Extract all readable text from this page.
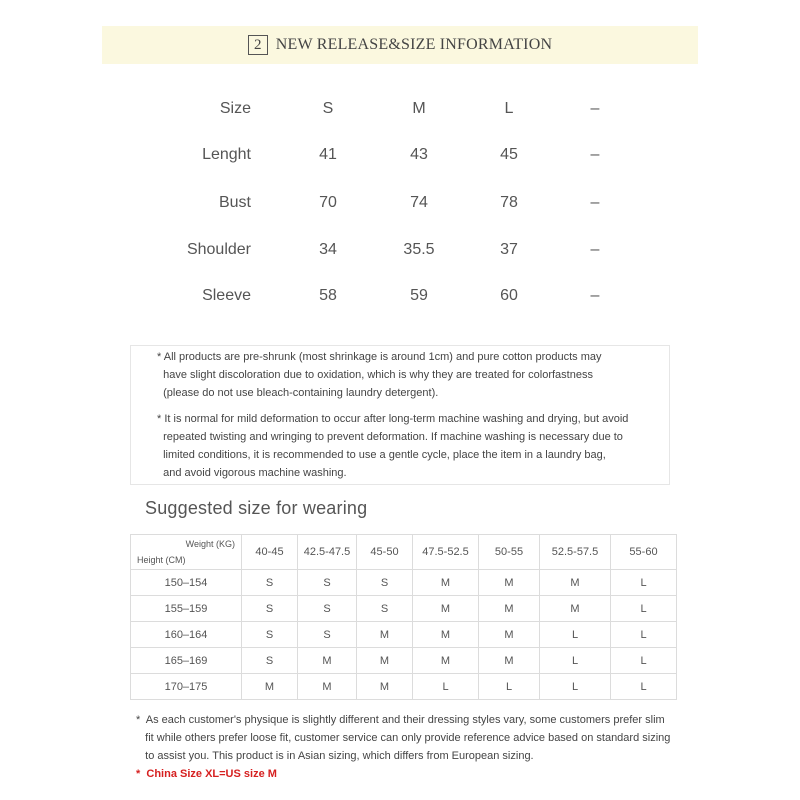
2 NEW RELEASE&SIZE INFORMATION
Size	S	M	L	–
Lenght	41	43	45	–
Bust	70	74	78	–
Shoulder	34	35.5	37	–
Sleeve	58	59	60	–
* All products are pre-shrunk (most shrinkage is around 1cm) and pure cotton products may
have slight discoloration due to oxidation, which is why they are treated for colorfastness
(please do not use bleach-containing laundry detergent).
* It is normal for mild deformation to occur after long-term machine washing and drying, but avoid
repeated twisting and wringing to prevent deformation. If machine washing is necessary due to
limited conditions, it is recommended to use a gentle cycle, place the item in a laundry bag,
and avoid vigorous machine washing.
Suggested size for wearing
Weight (KG)
Height (CM)	40-45	42.5-47.5	45-50	47.5-52.5	50-55	52.5-57.5	55-60
150–154	S	S	S	M	M	M	L
155–159	S	S	S	M	M	M	L
160–164	S	S	M	M	M	L	L
165–169	S	M	M	M	M	L	L
170–175	M	M	M	L	L	L	L
*  As each customer's physique is slightly different and their dressing styles vary, some customers prefer slim
fit while others prefer loose fit, customer service can only provide reference advice based on standard sizing
to assist you. This product is in Asian sizing, which differs from European sizing.
*  China Size XL=US size M
